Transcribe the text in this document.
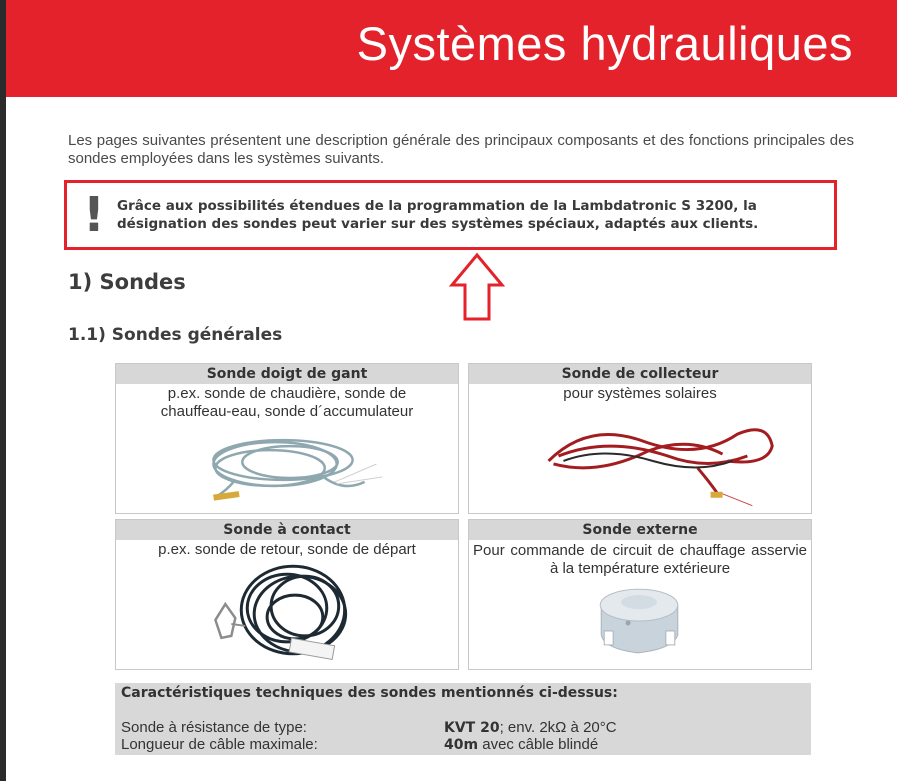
Systèmes hydrauliques
Les pages suivantes présentent une description générale des principaux composants et des fonctions principales des sondes employées dans les systèmes suivants.
! Grâce aux possibilités étendues de la programmation de la Lambdatronic S 3200, la désignation des sondes peut varier sur des systèmes spéciaux, adaptés aux clients.
1) Sondes
1.1) Sondes générales
Sonde doigt de gant
p.ex. sonde de chaudière, sonde de chauffeau-eau, sonde d´accumulateur
Sonde de collecteur
pour systèmes solaires
Sonde à contact
p.ex. sonde de retour, sonde de départ
Sonde externe
Pour commande de circuit de chauffage asservie à la température extérieure
Caractéristiques techniques des sondes mentionnés ci-dessus:
Sonde à résistance de type:	KVT 20; env. 2kΩ à 20°C
Longueur de câble maximale:	40m avec câble blindé
